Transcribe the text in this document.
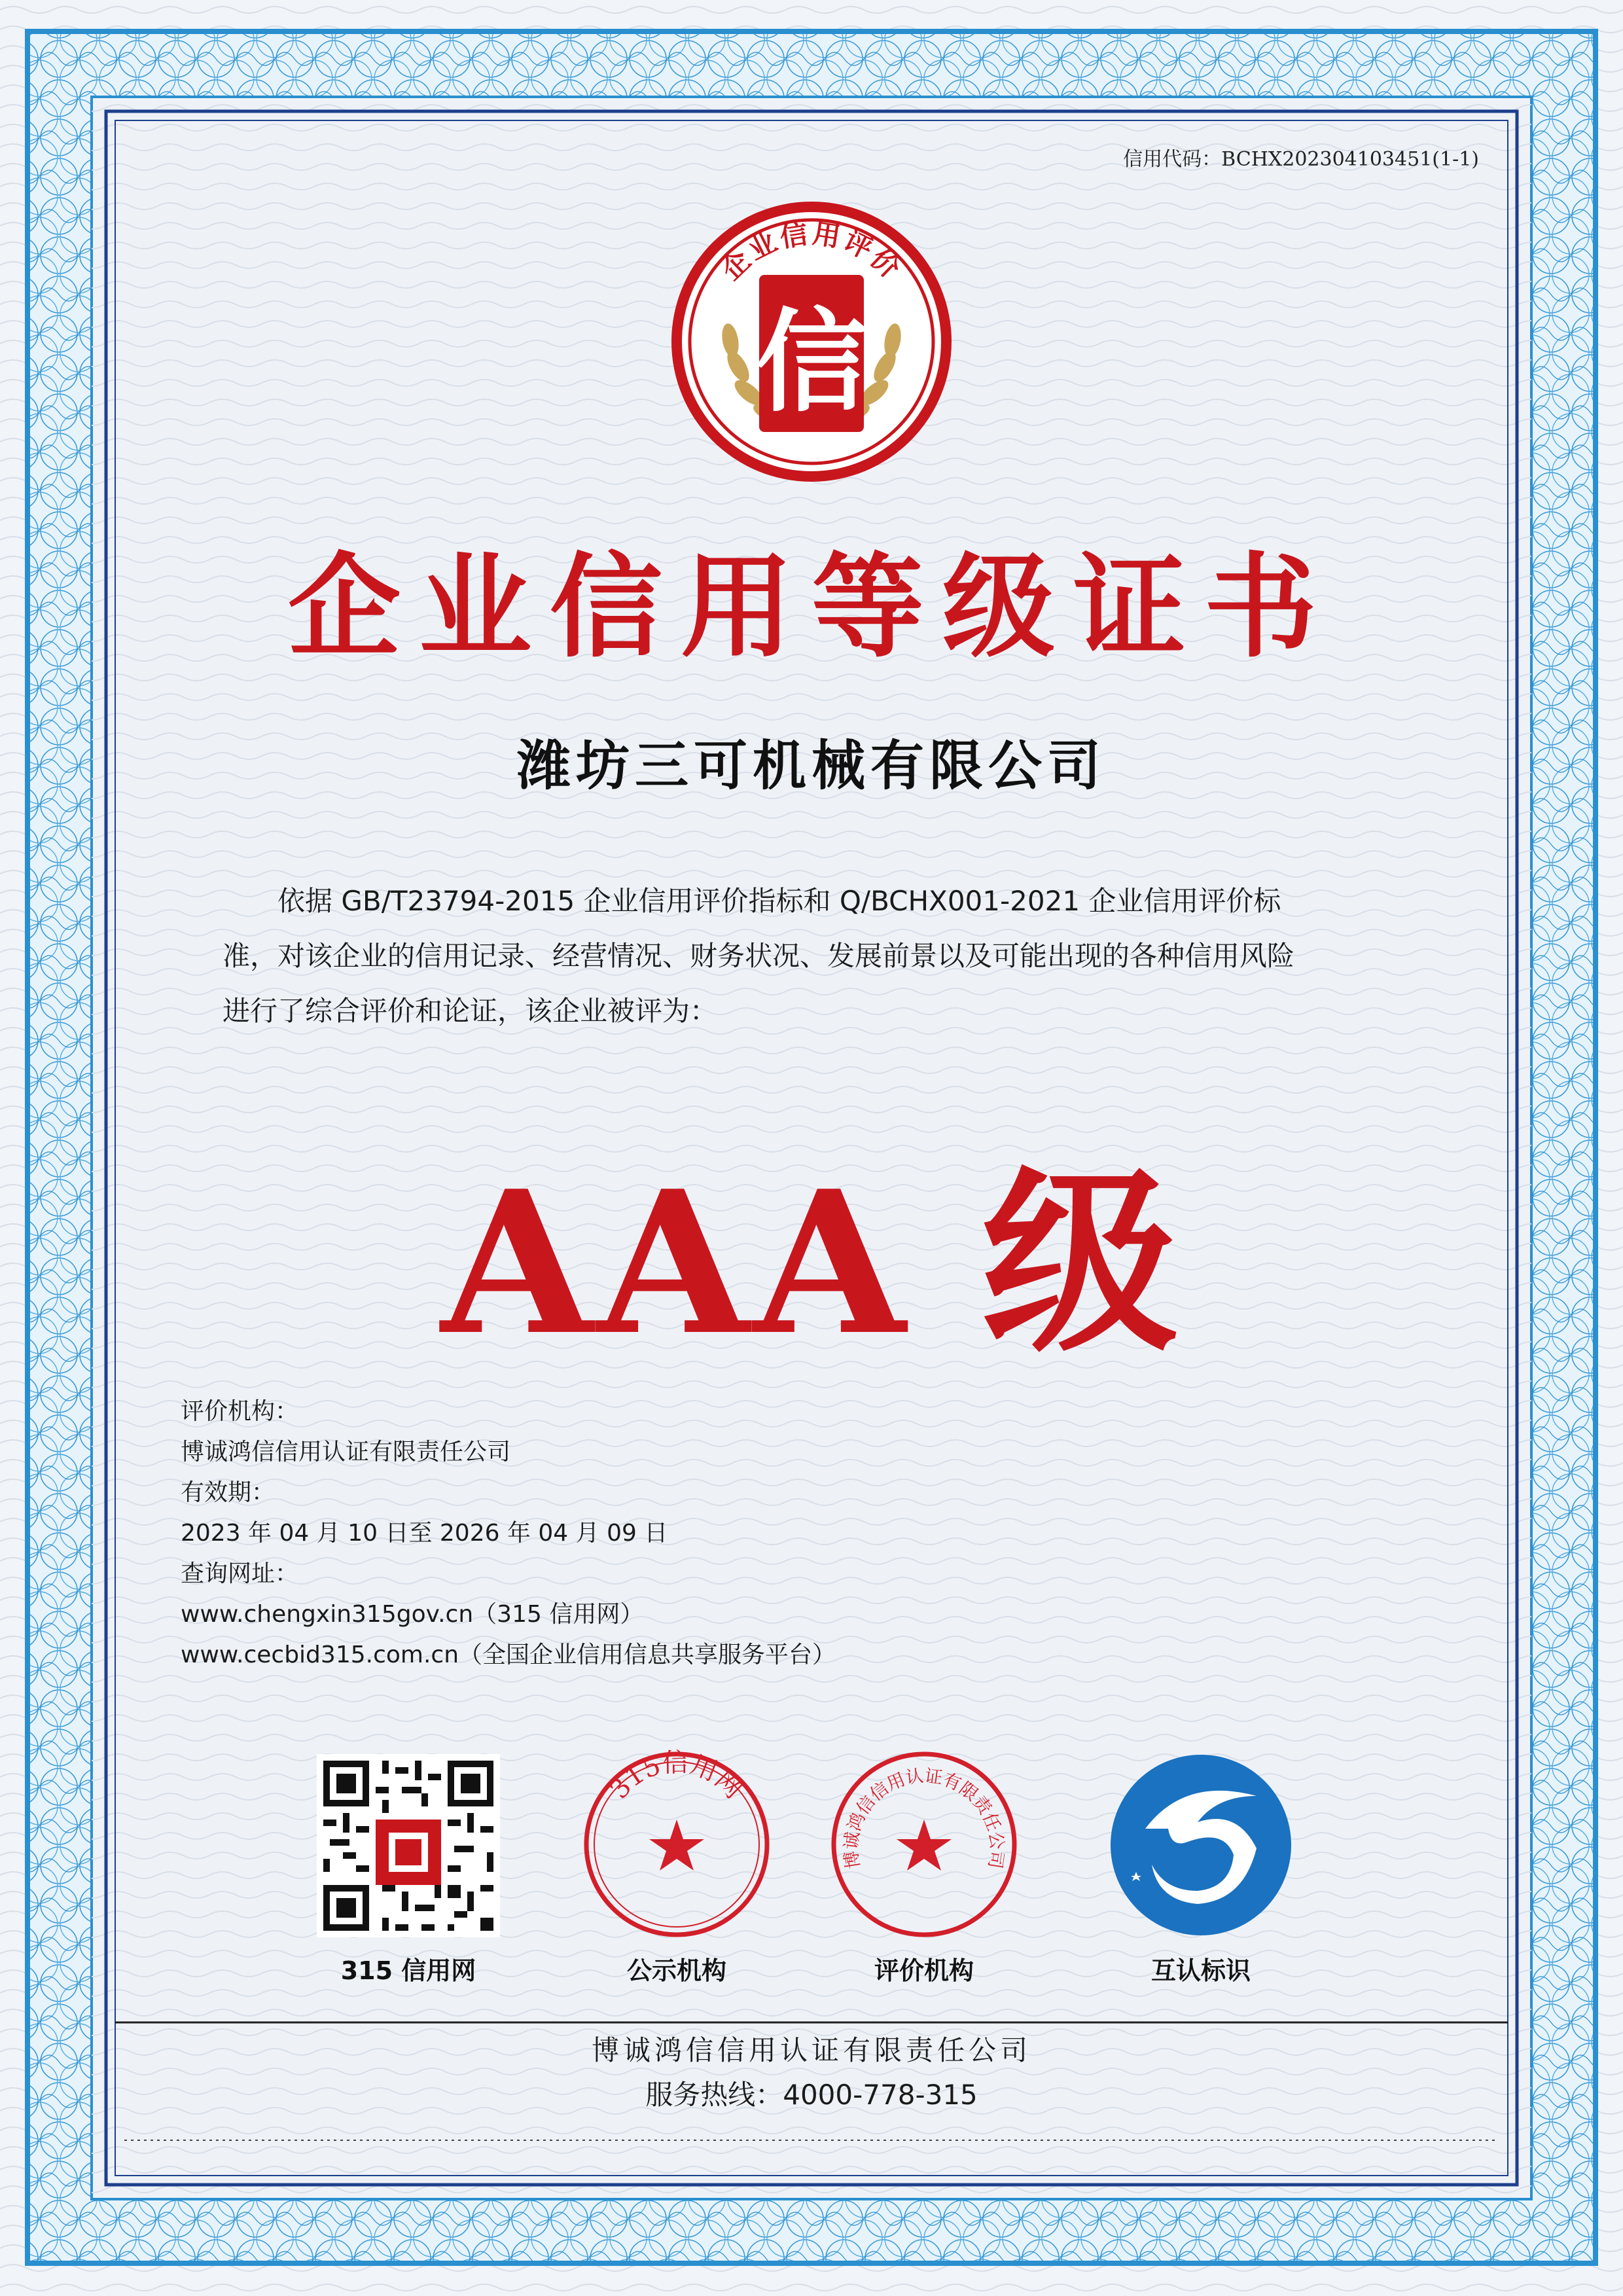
信用代码：BCHX202304103451(1-1)
企业信用评价
信
企业信用等级证书
潍坊三可机械有限公司
依据 GB/T23794-2015 企业信用评价指标和 Q/BCHX001-2021 企业信用评价标
准，对该企业的信用记录、经营情况、财务状况、发展前景以及可能出现的各种信用风险
进行了综合评价和论证，该企业被评为：
AAA 级
评价机构：
博诚鸿信信用认证有限责任公司
有效期：
2023 年 04 月 10 日至 2026 年 04 月 09 日
查询网址：
www.chengxin315gov.cn（315 信用网）
www.cecbid315.com.cn（全国企业信用信息共享服务平台）
315信用网
博诚鸿信信用认证有限责任公司
315 信用网	公示机构	评价机构	互认标识
博诚鸿信信用认证有限责任公司
服务热线：4000-778-315
